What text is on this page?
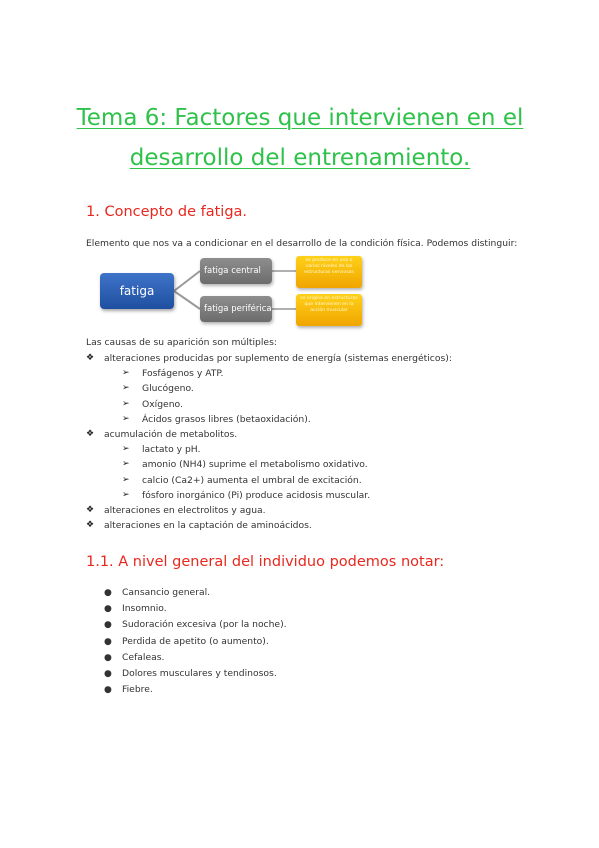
Tema 6: Factores que intervienen en el
desarrollo del entrenamiento.
1. Concepto de fatiga.
Elemento que nos va a condicionar en el desarrollo de la condición física. Podemos distinguir:
fatiga
fatiga central
fatiga periférica
se produce en uno o varios niveles de las estructuras nerviosas
se origina en estructuras que intervienen en la acción muscular
Las causas de su aparición son múltiples:
❖ alteraciones producidas por suplemento de energía (sistemas energéticos):
➢ Fosfágenos y ATP.
➢ Glucógeno.
➢ Oxígeno.
➢ Ácidos grasos libres (betaoxidación).
❖ acumulación de metabolitos.
➢ lactato y pH.
➢ amonio (NH4) suprime el metabolismo oxidativo.
➢ calcio (Ca2+) aumenta el umbral de excitación.
➢ fósforo inorgánico (Pi) produce acidosis muscular.
❖ alteraciones en electrolitos y agua.
❖ alteraciones en la captación de aminoácidos.
1.1. A nivel general del individuo podemos notar:
● Cansancio general.
● Insomnio.
● Sudoración excesiva (por la noche).
● Perdida de apetito (o aumento).
● Cefaleas.
● Dolores musculares y tendinosos.
● Fiebre.
